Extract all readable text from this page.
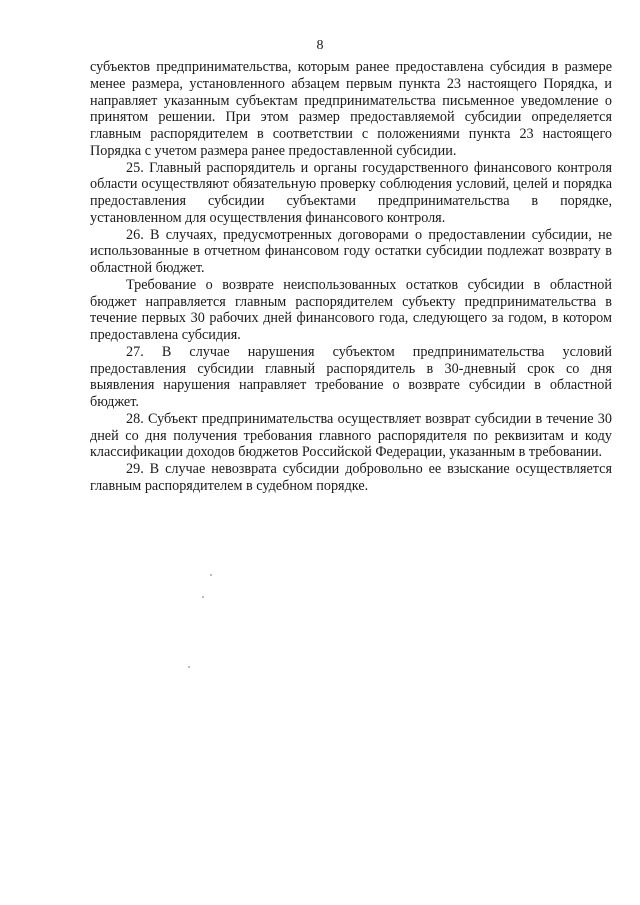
8

субъектов предпринимательства, которым ранее предоставлена субсидия в размере менее размера, установленного абзацем первым пункта 23 настоящего Порядка, и направляет указанным субъектам предпринимательства письменное уведомление о принятом решении. При этом размер предоставляемой субсидии определяется главным распорядителем в соответствии с положениями пункта 23 настоящего Порядка с учетом размера ранее предоставленной субсидии.

25. Главный распорядитель и органы государственного финансового контроля области осуществляют обязательную проверку соблюдения условий, целей и порядка предоставления субсидии субъектами предпринимательства в порядке, установленном для осуществления финансового контроля.

26. В случаях, предусмотренных договорами о предоставлении субсидии, не использованные в отчетном финансовом году остатки субсидии подлежат возврату в областной бюджет.

Требование о возврате неиспользованных остатков субсидии в областной бюджет направляется главным распорядителем субъекту предпринимательства в течение первых 30 рабочих дней финансового года, следующего за годом, в котором предоставлена субсидия.

27. В случае нарушения субъектом предпринимательства условий предоставления субсидии главный распорядитель в 30-дневный срок со дня выявления нарушения направляет требование о возврате субсидии в областной бюджет.

28. Субъект предпринимательства осуществляет возврат субсидии в течение 30 дней со дня получения требования главного распорядителя по реквизитам и коду классификации доходов бюджетов Российской Федерации, указанным в требовании.

29. В случае невозврата субсидии добровольно ее взыскание осуществляется главным распорядителем в судебном порядке.
